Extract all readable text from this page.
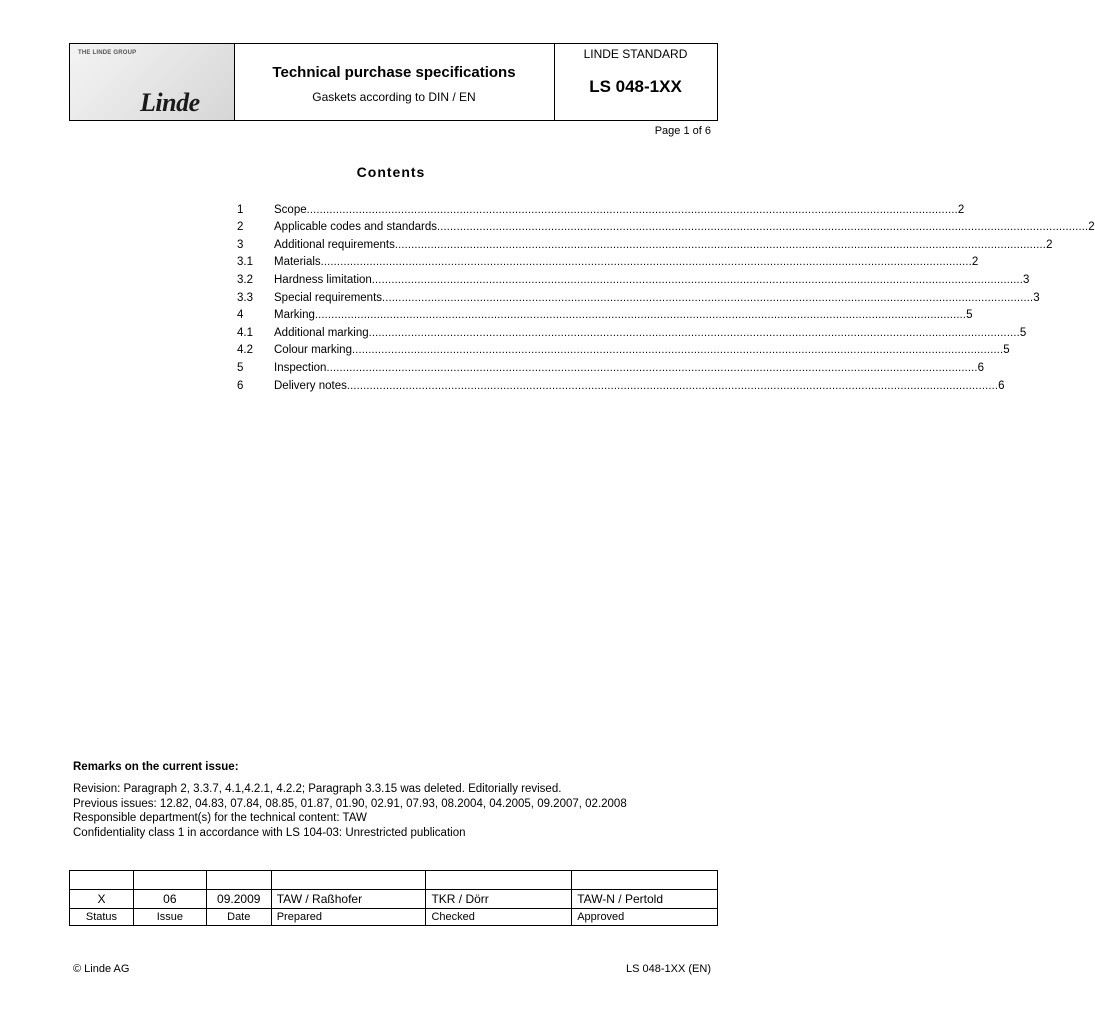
THE LINDE GROUP
Linde
Technical purchase specifications
Gaskets according to DIN / EN
LINDE STANDARD
LS 048-1XX
Page 1 of 6
Contents
1	Scope ........................................................................................................................................................................................................ 2
2	Applicable codes and standards ........................................................................................................................................................................................................ 2
3	Additional requirements ........................................................................................................................................................................................................ 2
3.1	Materials ........................................................................................................................................................................................................ 2
3.2	Hardness limitation ........................................................................................................................................................................................................ 3
3.3	Special requirements ........................................................................................................................................................................................................ 3
4	Marking ........................................................................................................................................................................................................ 5
4.1	Additional marking ........................................................................................................................................................................................................ 5
4.2	Colour marking ........................................................................................................................................................................................................ 5
5	Inspection ........................................................................................................................................................................................................ 6
6	Delivery notes ........................................................................................................................................................................................................ 6
Remarks on the current issue:
Revision: Paragraph 2, 3.3.7, 4.1,4.2.1, 4.2.2; Paragraph 3.3.15 was deleted. Editorially revised.
Previous issues: 12.82, 04.83, 07.84, 08.85, 01.87, 01.90, 02.91, 07.93, 08.2004, 04.2005, 09.2007, 02.2008
Responsible department(s) for the technical content: TAW
Confidentiality class 1 in accordance with LS 104-03: Unrestricted publication

X	06	09.2009	TAW / Raßhofer	TKR / Dörr	TAW-N / Pertold
Status	Issue	Date	Prepared	Checked	Approved
© Linde AG	LS 048-1XX (EN)
